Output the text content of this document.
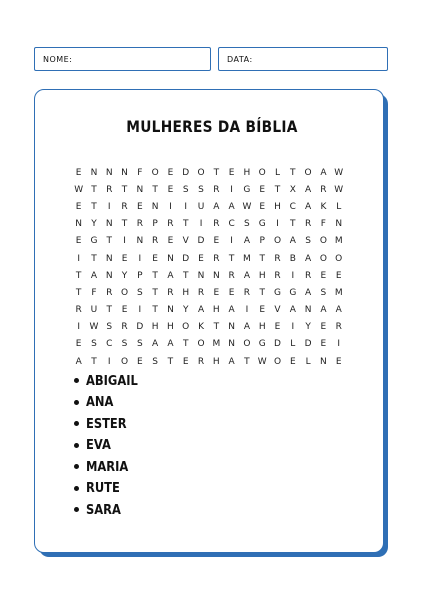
NOME:	DATA:
MULHERES DA BÍBLIA
E	N N N	F	O E D O	T	E	H O	L	T	O A W
W T	R	T	N	T	E	S	S	R	I	G E	T	X	A	R W
E	T	I	R	E	N	I	I	U A	A W E	H C	A	K	L
N	Y	N	T	R	P	R	T	I	R	C	S G	I	T	R	F	N
E G	T	I	N R	E	V D E	I	A	P	O A	S O M
I	T	N	E	I	E	N D E	R	T M T	R	B	A O O
T	A N	Y	P	T	A	T	N N R	A H R	I	R	E	E
T	F	R O S	T	R H R	E	E	R	T	G G A	S M
R U	T	E	I	T	N	Y	A H A	I	E	V	A N A	A
I	W S	R D H H O K	T	N A H	E	I	Y	E	R
E	S	C	S	S	A	A	T	O M N O G D	L	D E	I
A	T	I	O E	S	T	E	R H A	T W O E	L	N	E
ABIGAIL
ANA
ESTER
EVA
MARIA
RUTE
SARA
